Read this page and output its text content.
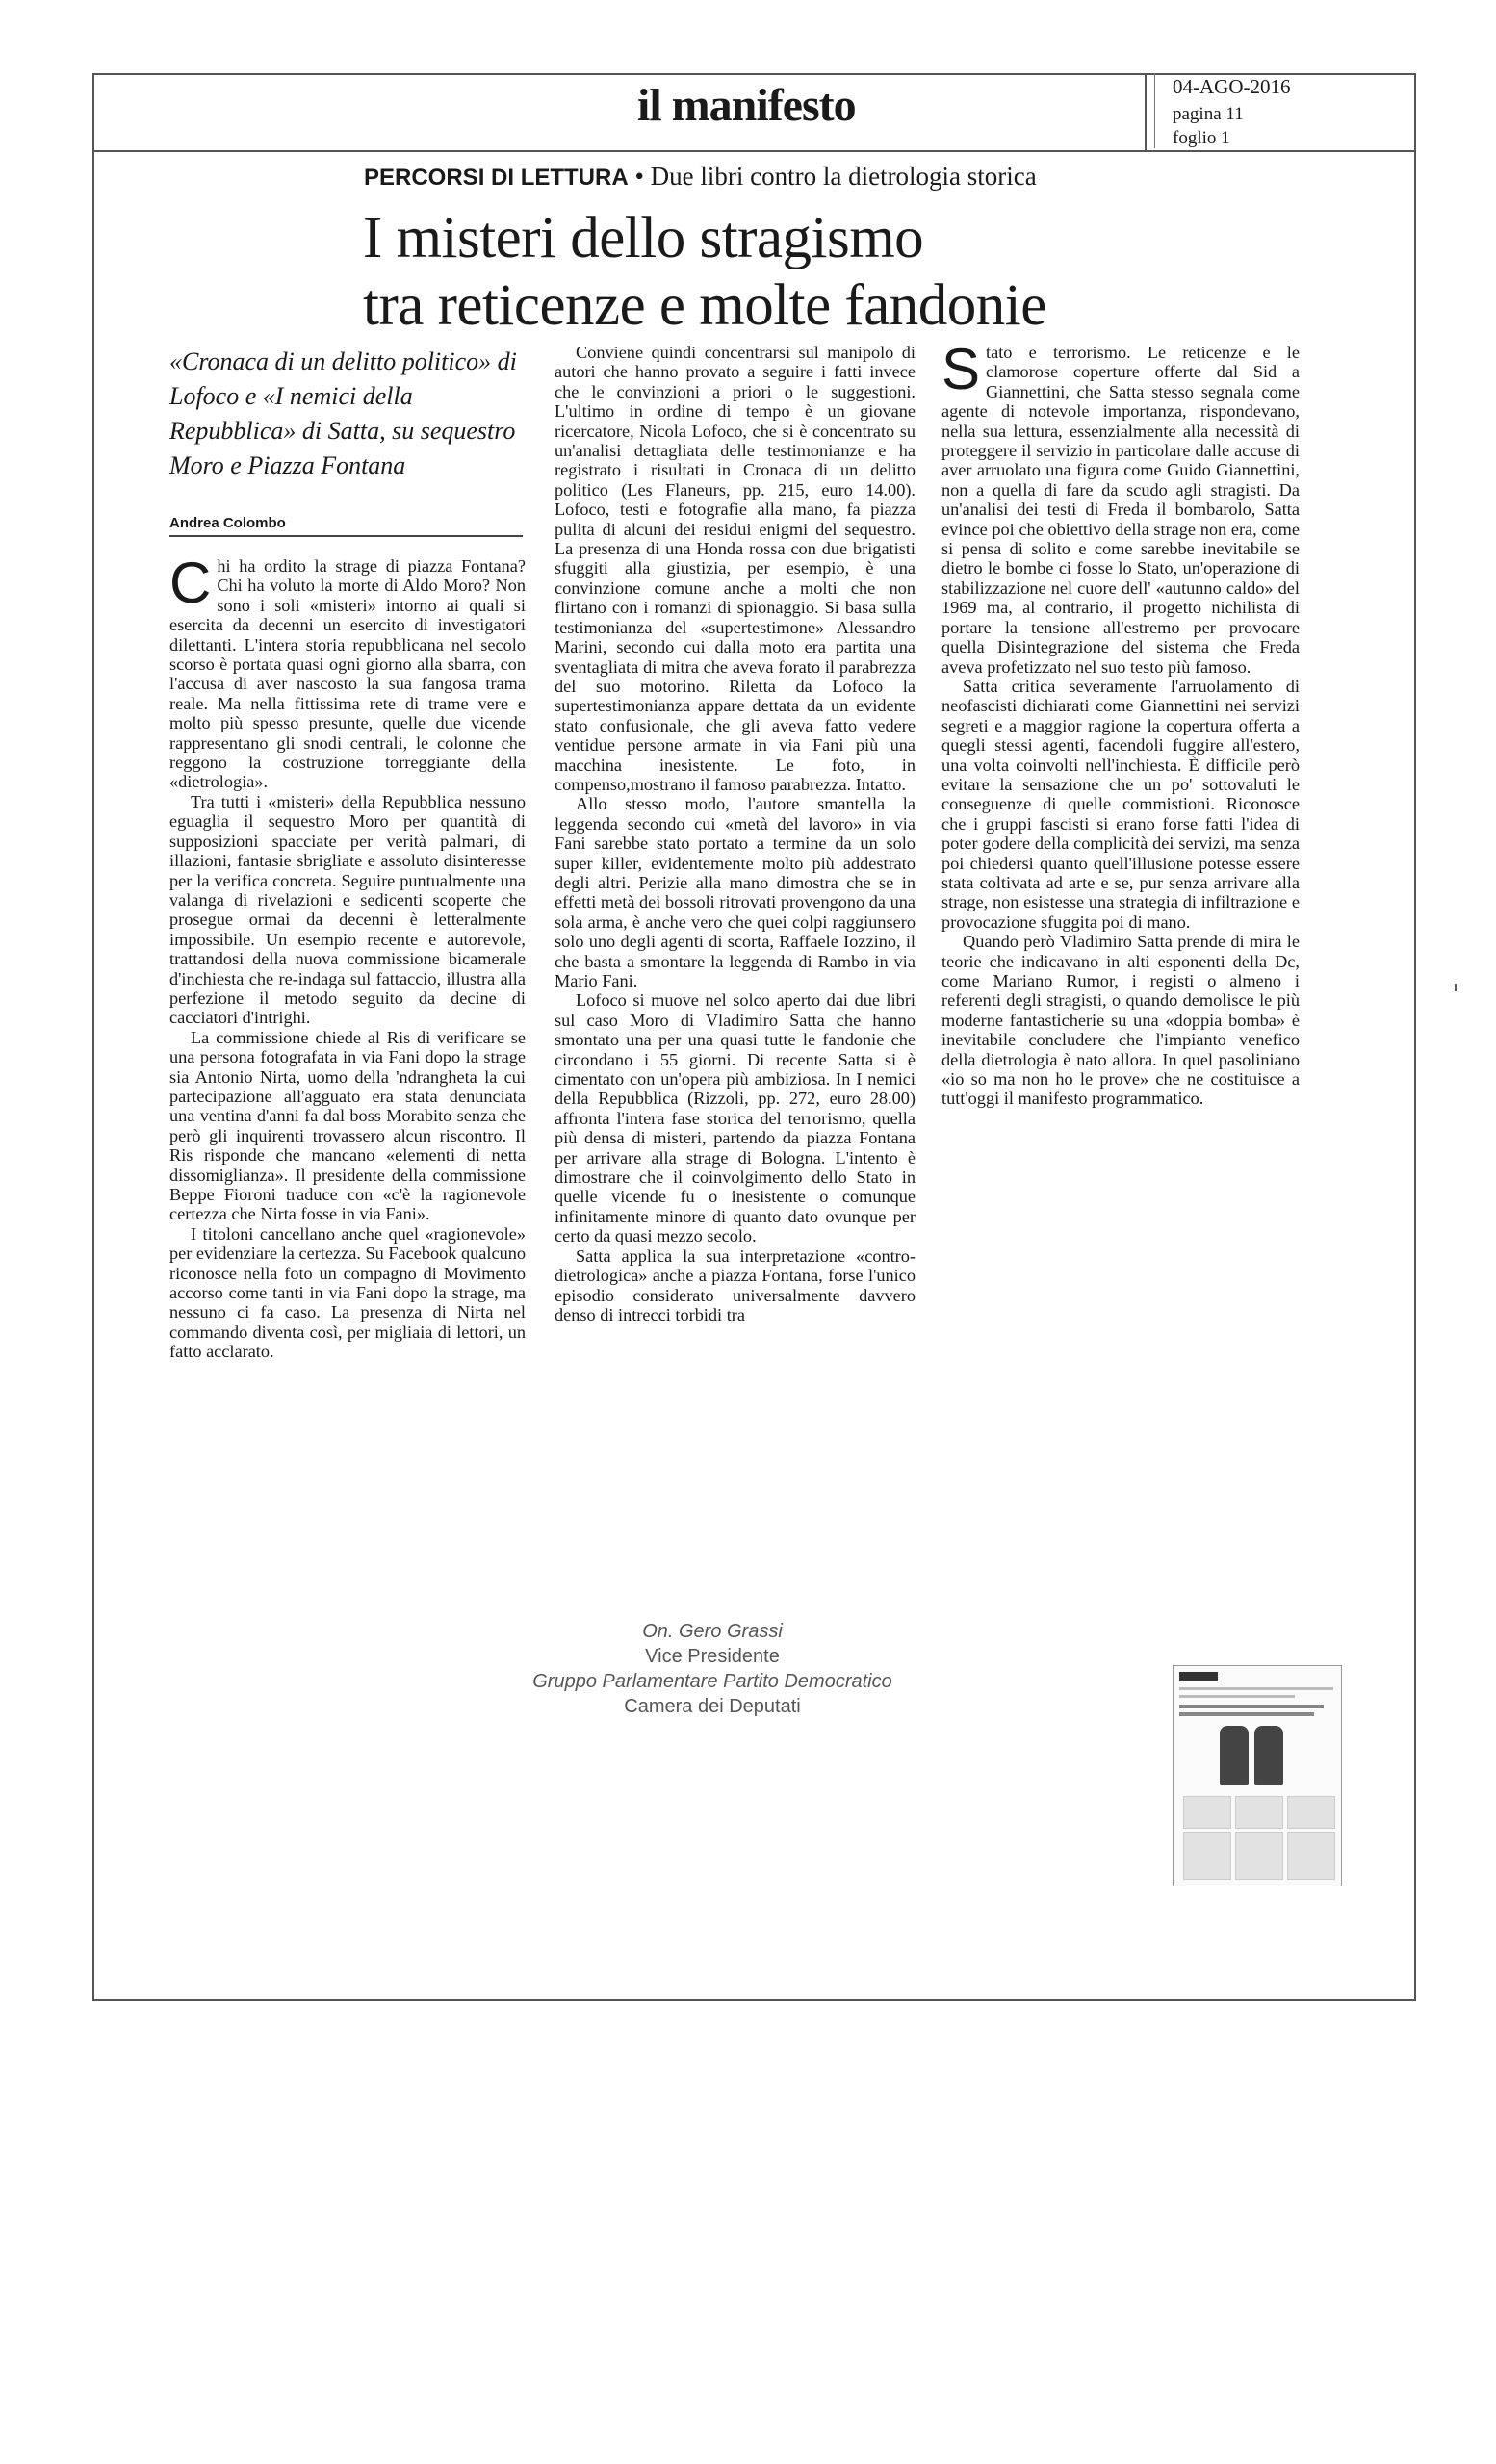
il manifesto	04-AGO-2016
pagina 11
foglio 1
PERCORSI DI LETTURA • Due libri contro la dietrologia storica
I misteri dello stragismo
tra reticenze e molte fandonie
«Cronaca di un delitto politico» di Lofoco e «I nemici della Repubblica» di Satta, su sequestro Moro e Piazza Fontana
Andrea Colombo

Chi ha ordito la strage di piazza Fontana? Chi ha voluto la morte di Aldo Moro? Non sono i soli «misteri» intorno ai quali si esercita da decenni un esercito di investigatori dilettanti. L'intera storia repubblicana nel secolo scorso è portata quasi ogni giorno alla sbarra, con l'accusa di aver nascosto la sua fangosa trama reale. Ma nella fittissima rete di trame vere e molto più spesso presunte, quelle due vicende rappresentano gli snodi centrali, le colonne che reggono la costruzione torreggiante della «dietrologia».

Tra tutti i «misteri» della Repubblica nessuno eguaglia il sequestro Moro per quantità di supposizioni spacciate per verità palmari, di illazioni, fantasie sbrigliate e assoluto disinteresse per la verifica concreta. Seguire puntualmente una valanga di rivelazioni e sedicenti scoperte che prosegue ormai da decenni è letteralmente impossibile. Un esempio recente e autorevole, trattandosi della nuova commissione bicamerale d'inchiesta che re-indaga sul fattaccio, illustra alla perfezione il metodo seguito da decine di cacciatori d'intrighi.

La commissione chiede al Ris di verificare se una persona fotografata in via Fani dopo la strage sia Antonio Nirta, uomo della 'ndrangheta la cui partecipazione all'agguato era stata denunciata una ventina d'anni fa dal boss Morabito senza che però gli inquirenti trovassero alcun riscontro. Il Ris risponde che mancano «elementi di netta dissomiglianza». Il presidente della commissione Beppe Fioroni traduce con «c'è la ragionevole certezza che Nirta fosse in via Fani».

I titoloni cancellano anche quel «ragionevole» per evidenziare la certezza. Su Facebook qualcuno riconosce nella foto un compagno di Movimento accorso come tanti in via Fani dopo la strage, ma nessuno ci fa caso. La presenza di Nirta nel commando diventa così, per migliaia di lettori, un fatto acclarato.

Conviene quindi concentrarsi sul manipolo di autori che hanno provato a seguire i fatti invece che le convinzioni a priori o le suggestioni. L'ultimo in ordine di tempo è un giovane ricercatore, Nicola Lofoco, che si è concentrato su un'analisi dettagliata delle testimonianze e ha registrato i risultati in Cronaca di un delitto politico (Les Flaneurs, pp. 215, euro 14.00). Lofoco, testi e fotografie alla mano, fa piazza pulita di alcuni dei residui enigmi del sequestro. La presenza di una Honda rossa con due brigatisti sfuggiti alla giustizia, per esempio, è una convinzione comune anche a molti che non flirtano con i romanzi di spionaggio. Si basa sulla testimonianza del «supertestimone» Alessandro Marini, secondo cui dalla moto era partita una sventagliata di mitra che aveva forato il parabrezza del suo motorino. Riletta da Lofoco la supertestimonianza appare dettata da un evidente stato confusionale, che gli aveva fatto vedere ventidue persone armate in via Fani più una macchina inesistente. Le foto, in compenso,mostrano il famoso parabrezza. Intatto.

Allo stesso modo, l'autore smantella la leggenda secondo cui «metà del lavoro» in via Fani sarebbe stato portato a termine da un solo super killer, evidentemente molto più addestrato degli altri. Perizie alla mano dimostra che se in effetti metà dei bossoli ritrovati provengono da una sola arma, è anche vero che quei colpi raggiunsero solo uno degli agenti di scorta, Raffaele Iozzino, il che basta a smontare la leggenda di Rambo in via Mario Fani.

Lofoco si muove nel solco aperto dai due libri sul caso Moro di Vladimiro Satta che hanno smontato una per una quasi tutte le fandonie che circondano i 55 giorni. Di recente Satta si è cimentato con un'opera più ambiziosa. In I nemici della Repubblica (Rizzoli, pp. 272, euro 28.00) affronta l'intera fase storica del terrorismo, quella più densa di misteri, partendo da piazza Fontana per arrivare alla strage di Bologna. L'intento è dimostrare che il coinvolgimento dello Stato in quelle vicende fu o inesistente o comunque infinitamente minore di quanto dato ovunque per certo da quasi mezzo secolo.

Satta applica la sua interpretazione «contro-dietrologica» anche a piazza Fontana, forse l'unico episodio considerato universalmente davvero denso di intrecci torbidi tra

Stato e terrorismo. Le reticenze e le clamorose coperture offerte dal Sid a Giannettini, che Satta stesso segnala come agente di notevole importanza, rispondevano, nella sua lettura, essenzialmente alla necessità di proteggere il servizio in particolare dalle accuse di aver arruolato una figura come Guido Giannettini, non a quella di fare da scudo agli stragisti. Da un'analisi dei testi di Freda il bombarolo, Satta evince poi che obiettivo della strage non era, come si pensa di solito e come sarebbe inevitabile se dietro le bombe ci fosse lo Stato, un'operazione di stabilizzazione nel cuore dell' «autunno caldo» del 1969 ma, al contrario, il progetto nichilista di portare la tensione all'estremo per provocare quella Disintegrazione del sistema che Freda aveva profetizzato nel suo testo più famoso.

Satta critica severamente l'arruolamento di neofascisti dichiarati come Giannettini nei servizi segreti e a maggior ragione la copertura offerta a quegli stessi agenti, facendoli fuggire all'estero, una volta coinvolti nell'inchiesta. È difficile però evitare la sensazione che un po' sottovaluti le conseguenze di quelle commistioni. Riconosce che i gruppi fascisti si erano forse fatti l'idea di poter godere della complicità dei servizi, ma senza poi chiedersi quanto quell'illusione potesse essere stata coltivata ad arte e se, pur senza arrivare alla strage, non esistesse una strategia di infiltrazione e provocazione sfuggita poi di mano.

Quando però Vladimiro Satta prende di mira le teorie che indicavano in alti esponenti della Dc, come Mariano Rumor, i registi o almeno i referenti degli stragisti, o quando demolisce le più moderne fantasticherie su una «doppia bomba» è inevitabile concludere che l'impianto venefico della dietrologia è nato allora. In quel pasoliniano «io so ma non ho le prove» che ne costituisce a tutt'oggi il manifesto programmatico.

On. Gero Grassi
Vice Presidente
Gruppo Parlamentare Partito Democratico
Camera dei Deputati
